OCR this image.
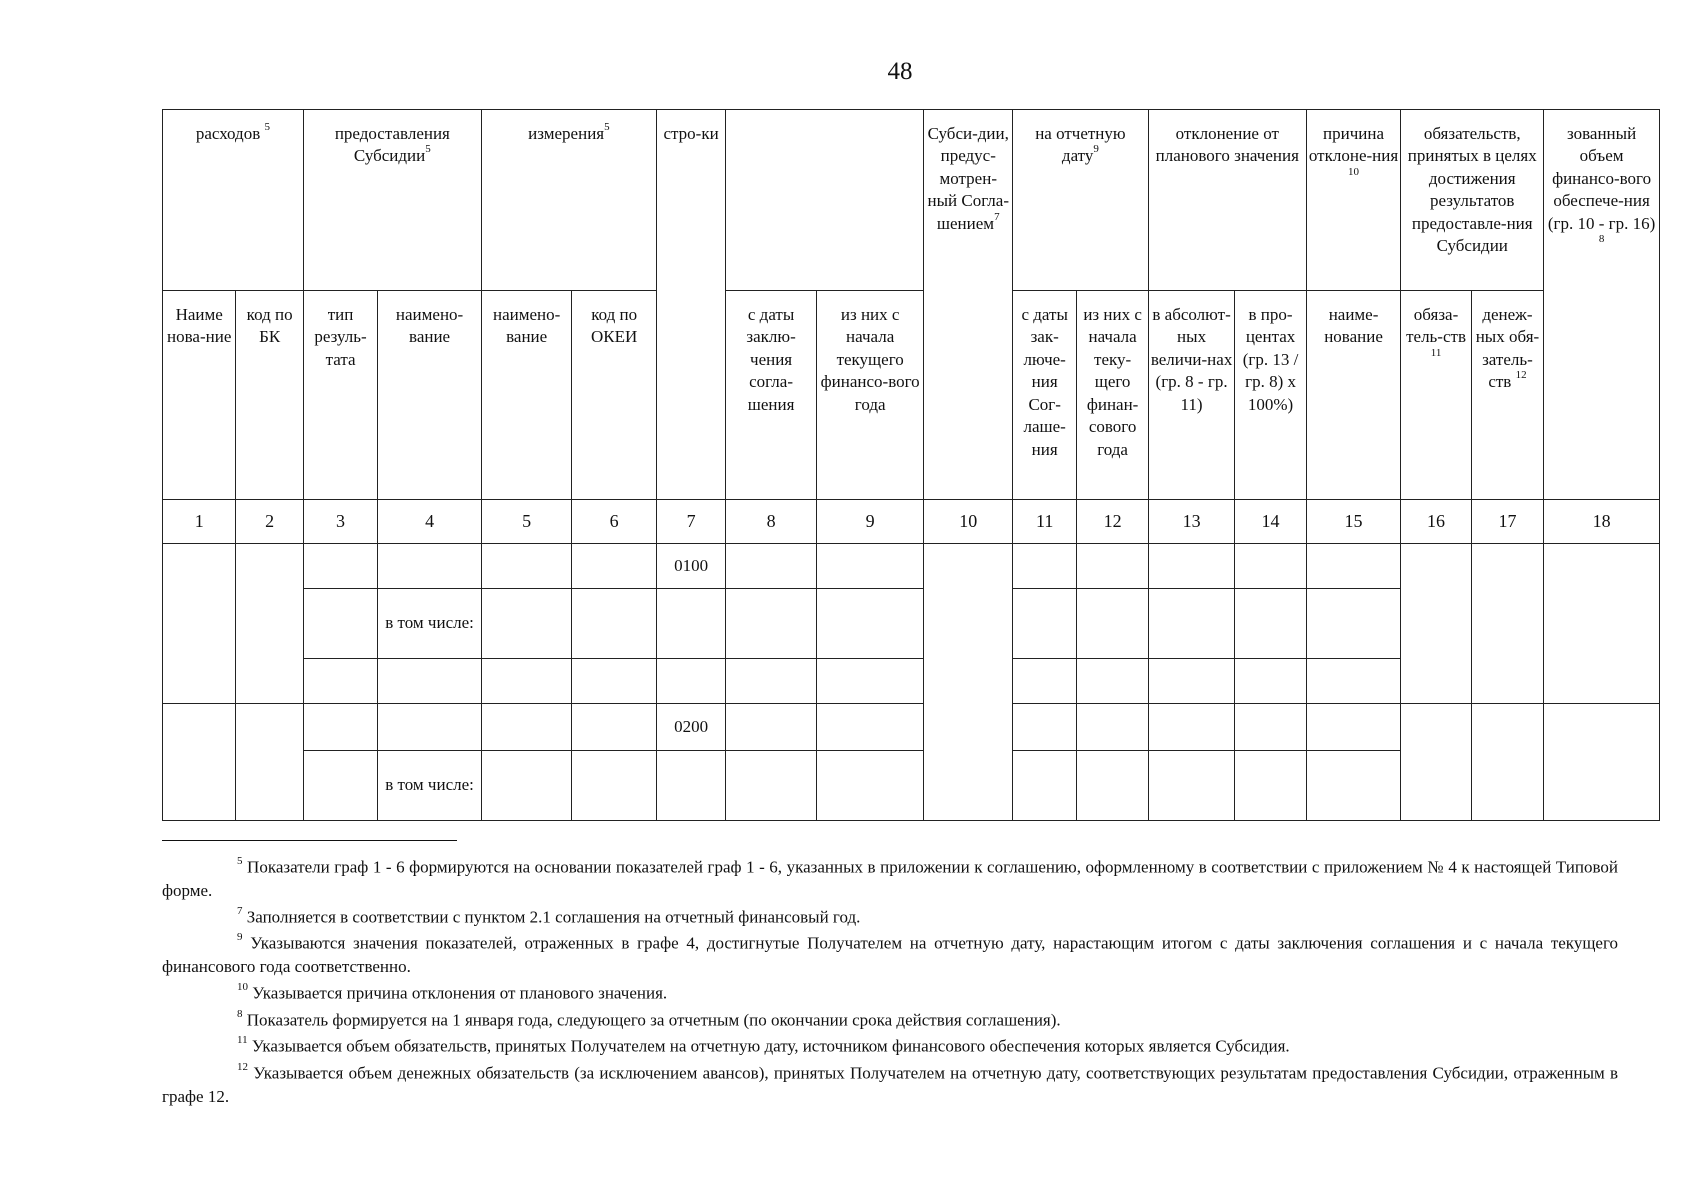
48
расходов $^5$		предоставления Субсидии$^5$		измерения$^5$		стро-ки			Субси-дии, предус-мотрен-ный Согла-шением$^7$	на отчетную дату$^9$		отклонение от планового значения		причина отклоне-ния $^{10}$	обязательств, принятых в целях достижения результатов предоставле-ния Субсидии		зованный объем финансо-вого обеспече-ния (гр. 10 - гр. 16) $^8$
Наиме нова-ние	код по БК	тип резуль-тата	наимено-вание	наимено-вание	код по ОКЕИ		с даты заклю-чения согла-шения	из них с начала текущего финансо-вого года		с даты зак-люче-ния Сог-лаше-ния	из них с начала теку-щего финан-сового года	в абсолют-ных величи-нах (гр. 8 - гр. 11)	в про-центах (гр. 13 / гр. 8) x 100%)	наиме-нование	обяза-тель-ств $^{11}$	денеж-ных обя-затель-ств $^{12}$
1	2	3	4	5	6	7	8	9	10	11	12	13	14	15	16	17	18
						0100											
			в том числе:														

						0200											
			в том числе:														

$^5$ Показатели граф 1 - 6 формируются на основании показателей граф 1 - 6, указанных в приложении к соглашению, оформленному в соответствии с приложением № 4 к настоящей Типовой форме.

$^7$ Заполняется в соответствии с пунктом 2.1 соглашения на отчетный финансовый год.

$^9$ Указываются значения показателей, отраженных в графе 4, достигнутые Получателем на отчетную дату, нарастающим итогом с даты заключения соглашения и с начала текущего финансового года соответственно.

$^{10}$ Указывается причина отклонения от планового значения.

$^8$ Показатель формируется на 1 января года, следующего за отчетным (по окончании срока действия соглашения).

$^{11}$ Указывается объем обязательств, принятых Получателем на отчетную дату, источником финансового обеспечения которых является Субсидия.

$^{12}$ Указывается объем денежных обязательств (за исключением авансов), принятых Получателем на отчетную дату, соответствующих результатам предоставления Субсидии, отраженным в графе 12.
